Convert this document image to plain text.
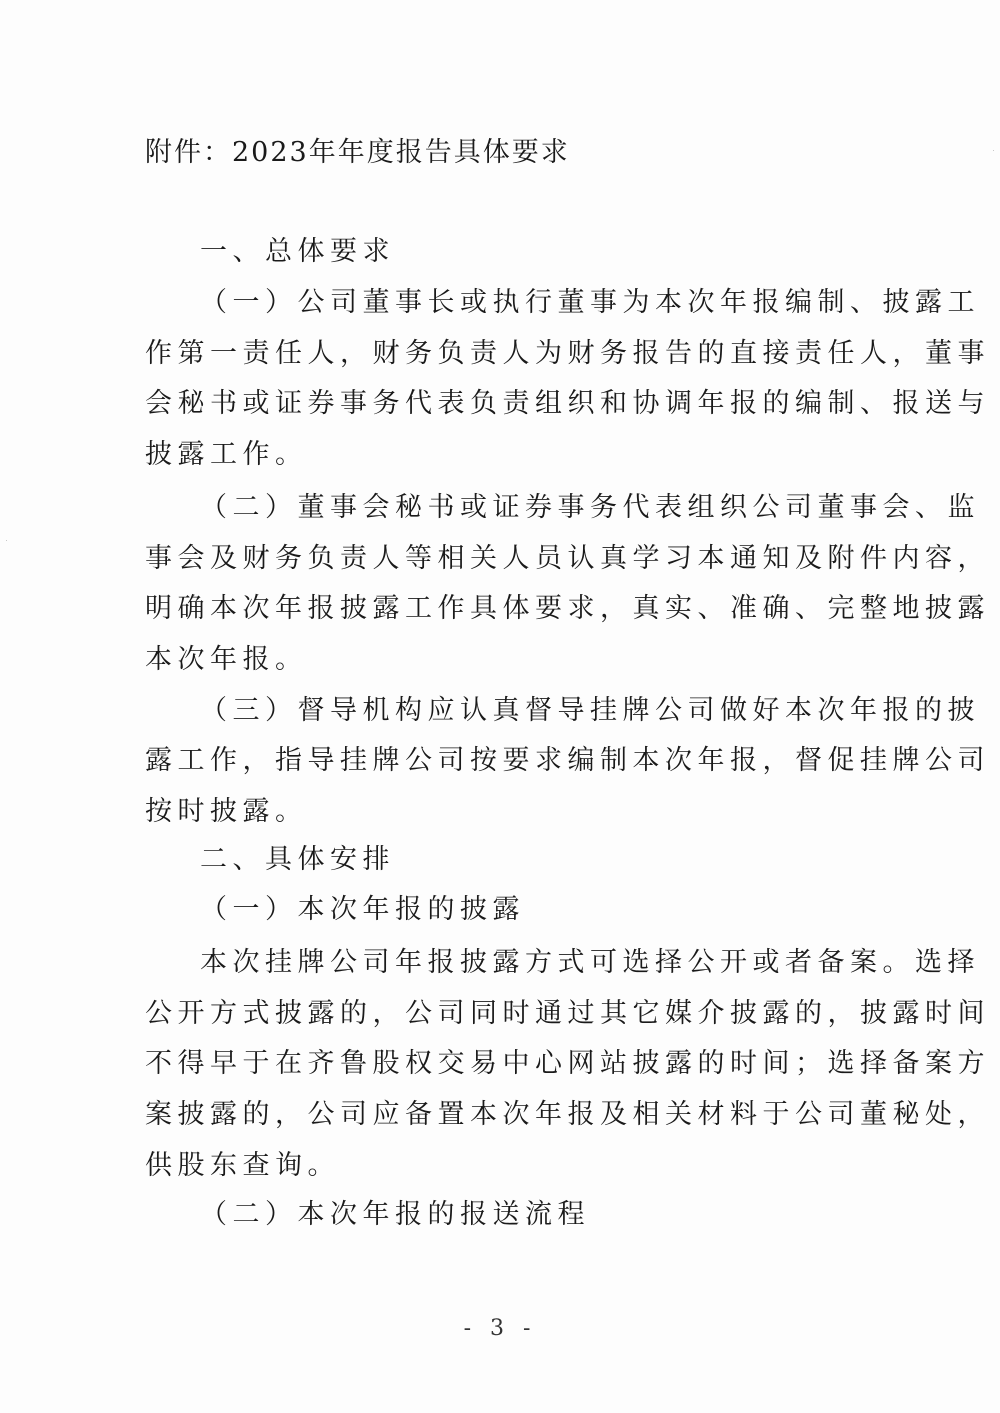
附件：2023年年度报告具体要求
一、总体要求
（一）公司董事长或执行董事为本次年报编制、披露工
作第一责任人，财务负责人为财务报告的直接责任人，董事
会秘书或证券事务代表负责组织和协调年报的编制、报送与
披露工作。
（二）董事会秘书或证券事务代表组织公司董事会、监
事会及财务负责人等相关人员认真学习本通知及附件内容，
明确本次年报披露工作具体要求，真实、准确、完整地披露
本次年报。
（三）督导机构应认真督导挂牌公司做好本次年报的披
露工作，指导挂牌公司按要求编制本次年报，督促挂牌公司
按时披露。
二、具体安排
（一）本次年报的披露
本次挂牌公司年报披露方式可选择公开或者备案。选择
公开方式披露的，公司同时通过其它媒介披露的，披露时间
不得早于在齐鲁股权交易中心网站披露的时间；选择备案方
案披露的，公司应备置本次年报及相关材料于公司董秘处，
供股东查询。
（二）本次年报的报送流程
- 3 -
